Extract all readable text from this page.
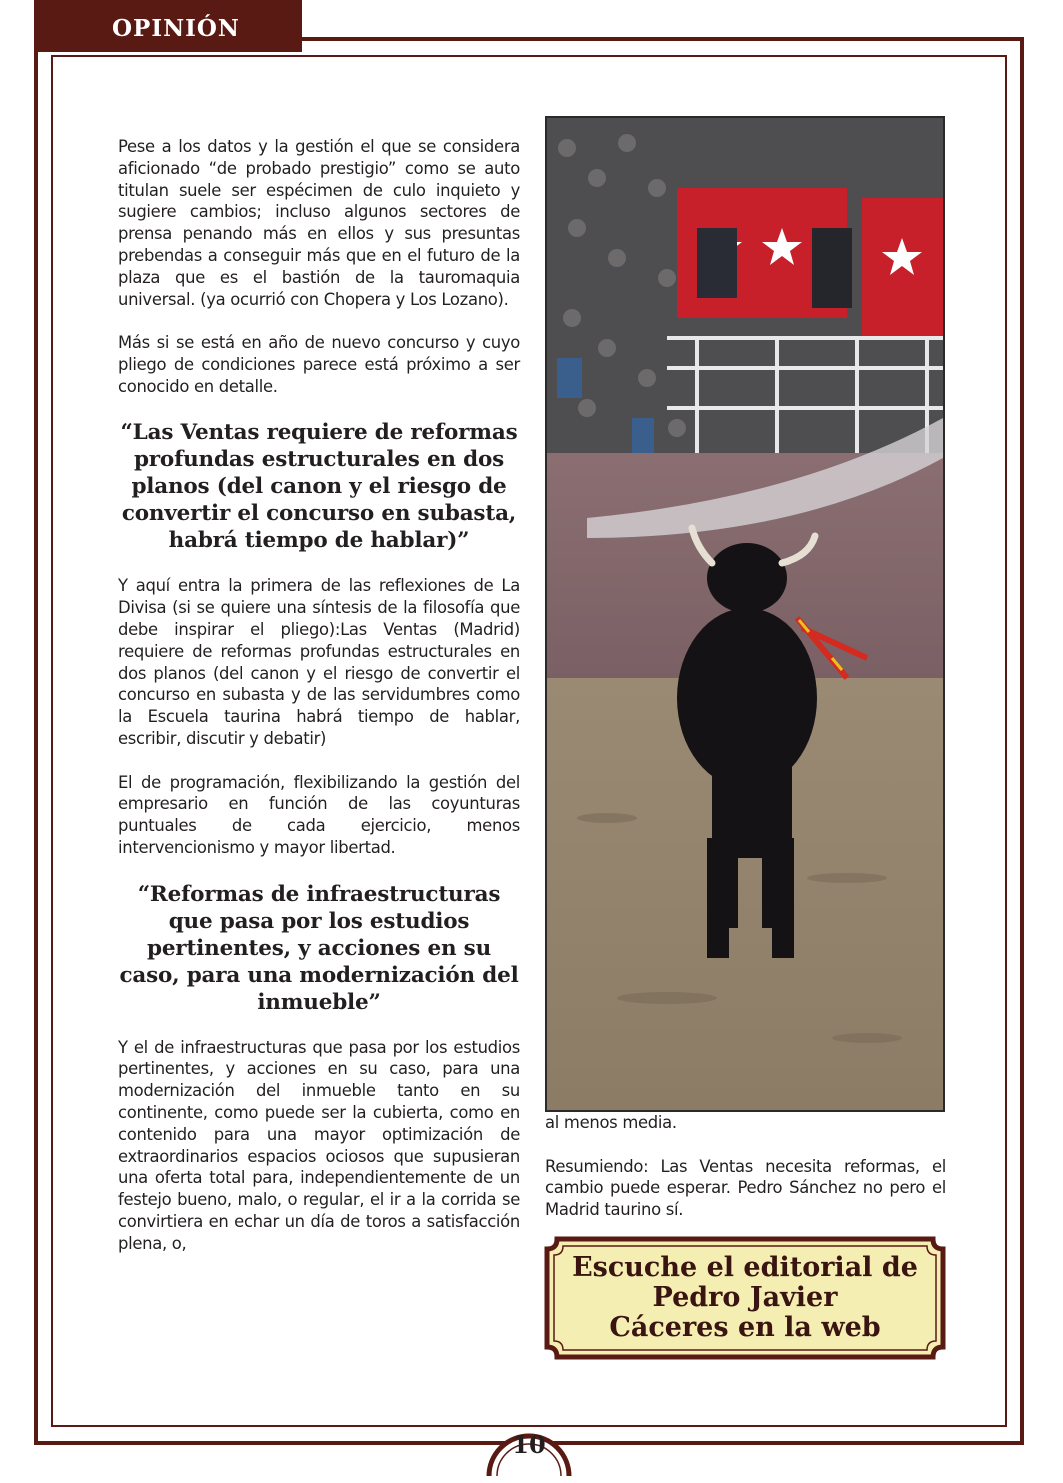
OPINIÓN

Pese a los datos y la gestión el que se considera aficionado “de probado prestigio” como se auto titulan suele ser espécimen de culo inquieto y sugiere cambios; incluso algunos sectores de prensa penando más en ellos y sus presuntas prebendas a conseguir más que en el futuro de la plaza que es el bastión de la tauromaquia universal. (ya ocurrió con Chopera y Los Lozano).

Más si se está en año de nuevo concurso y cuyo pliego de condiciones parece está próximo a ser conocido en detalle.

“Las Ventas requiere de reformas profundas estructurales en dos planos (del canon y el riesgo de convertir el concurso en subasta, habrá tiempo de hablar)”

Y aquí entra la primera de las reflexiones de La Divisa (si se quiere una síntesis de la filosofía que debe inspirar el pliego):Las Ventas (Madrid) requiere de reformas profundas estructurales en dos planos (del canon y el riesgo de convertir el concurso en subasta y de las servidumbres como la Escuela taurina habrá tiempo de hablar, escribir, discutir y debatir)

El de programación, flexibilizando la gestión del empresario en función de las coyunturas puntuales de cada ejercicio, menos intervencionismo y mayor libertad.

“Reformas de infraestructuras que pasa por los estudios pertinentes, y acciones en su caso, para una modernización del inmueble”

Y el de infraestructuras que pasa por los estudios pertinentes, y acciones en su caso, para una modernización del inmueble tanto en su continente, como puede ser la cubierta, como en contenido para una mayor optimización de extraordinarios espacios ociosos que supusieran una oferta total para, independientemente de un festejo bueno, malo, o regular, el ir a la corrida se convirtiera en echar un día de toros a satisfacción plena, o,

al menos media.

Resumiendo: Las Ventas necesita reformas, el cambio puede esperar. Pedro Sánchez no pero el Madrid taurino sí.

Escuche el editorial de
Pedro Javier
Cáceres en la web
10
